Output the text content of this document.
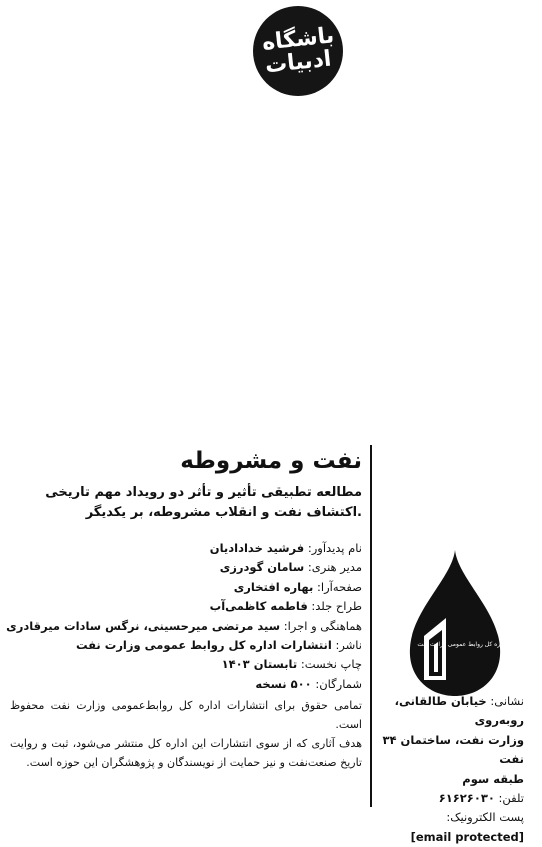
باشگاه
ادبیات
نفت و مشروطه
مطالعه تطبیقی تأثیر و تأثر دو رویداد مهم تاریخی
.اکتشاف نفت و انقلاب مشروطه، بر یکدیگر
نام پدیدآور: فرشید خدادادیان
مدیر هنری: سامان گودرزی
صفحه‌آرا: بهاره افتخاری
طراح جلد: فاطمه کاظمی‌آب
هماهنگی و اجرا: سید مرتضی میرحسینی، نرگس سادات میرقادری
ناشر: انتشارات اداره کل روابط عمومی وزارت نفت
چاپ نخست: تابستان ۱۴۰۳
شمارگان: ۵۰۰ نسخه
تمامی حقوق برای انتشارات اداره کل روابط‌عمومی وزارت نفت محفوظ است.
هدف آثاری که از سوی انتشارات این اداره کل منتشر می‌شود، ثبت و روایت تاریخ صنعت‌نفت و نیز حمایت از نویسندگان و پژوهشگران این حوزه است.
انتشارات اداره کل روابط عمومی وزارت نفت
نشانی: خیابان طالقانی، روبه‌روی
وزارت نفت، ساختمان ۳۴ نفت
طبقه سوم
تلفن: ۶۱۶۲۶۰۳۰
پست الکترونیک:
[email protected]
